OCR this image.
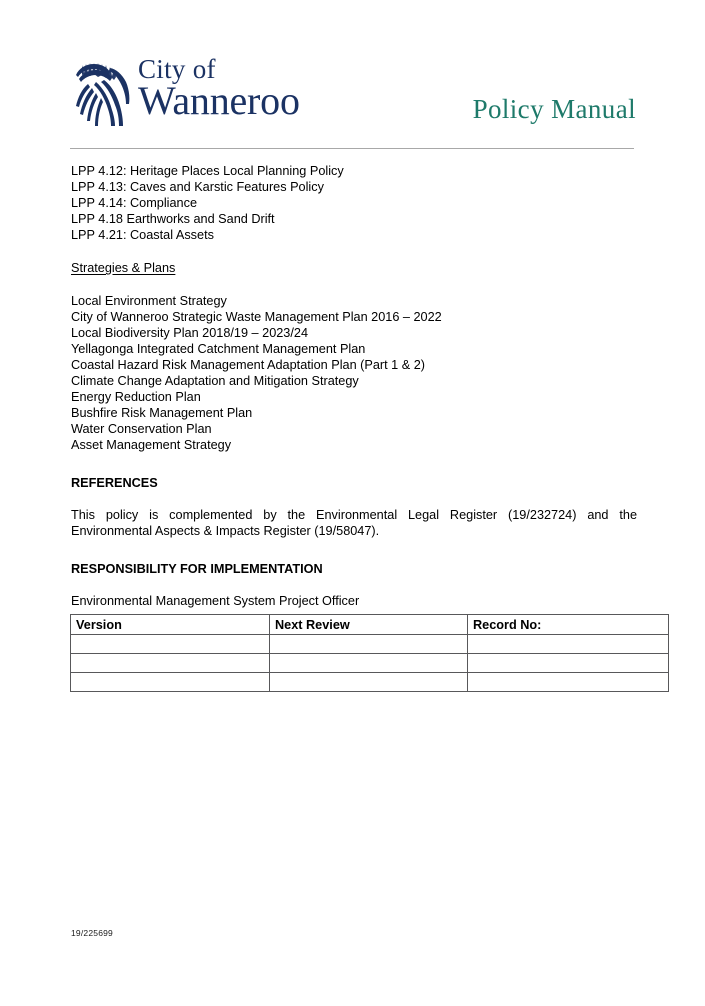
City of
Wanneroo	Policy Manual
LPP 4.12: Heritage Places Local Planning Policy
LPP 4.13: Caves and Karstic Features Policy
LPP 4.14: Compliance
LPP 4.18 Earthworks and Sand Drift
LPP 4.21: Coastal Assets
Strategies & Plans
Local Environment Strategy
City of Wanneroo Strategic Waste Management Plan 2016 – 2022
Local Biodiversity Plan 2018/19 – 2023/24
Yellagonga Integrated Catchment Management Plan
Coastal Hazard Risk Management Adaptation Plan (Part 1 & 2)
Climate Change Adaptation and Mitigation Strategy
Energy Reduction Plan
Bushfire Risk Management Plan
Water Conservation Plan
Asset Management Strategy
REFERENCES
This policy is complemented by the Environmental Legal Register (19/232724) and the Environmental Aspects & Impacts Register (19/58047).
RESPONSIBILITY FOR IMPLEMENTATION
Environmental Management System Project Officer
Version	Next Review	Record No:

19/225699
